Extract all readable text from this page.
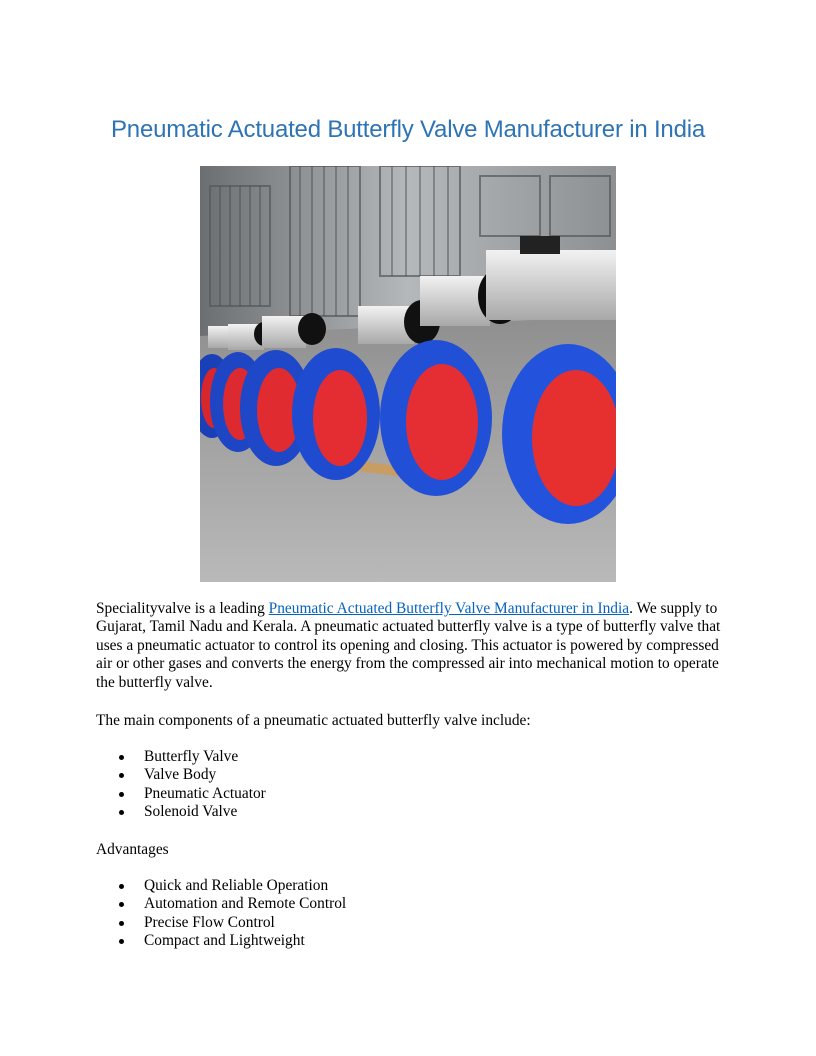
Pneumatic Actuated Butterfly Valve Manufacturer in India

Specialityvalve is a leading Pneumatic Actuated Butterfly Valve Manufacturer in India. We supply to Gujarat, Tamil Nadu and Kerala. A pneumatic actuated butterfly valve is a type of butterfly valve that uses a pneumatic actuator to control its opening and closing. This actuator is powered by compressed air or other gases and converts the energy from the compressed air into mechanical motion to operate the butterfly valve.

The main components of a pneumatic actuated butterfly valve include:

Butterfly Valve
Valve Body
Pneumatic Actuator
Solenoid Valve

Advantages

Quick and Reliable Operation
Automation and Remote Control
Precise Flow Control
Compact and Lightweight
